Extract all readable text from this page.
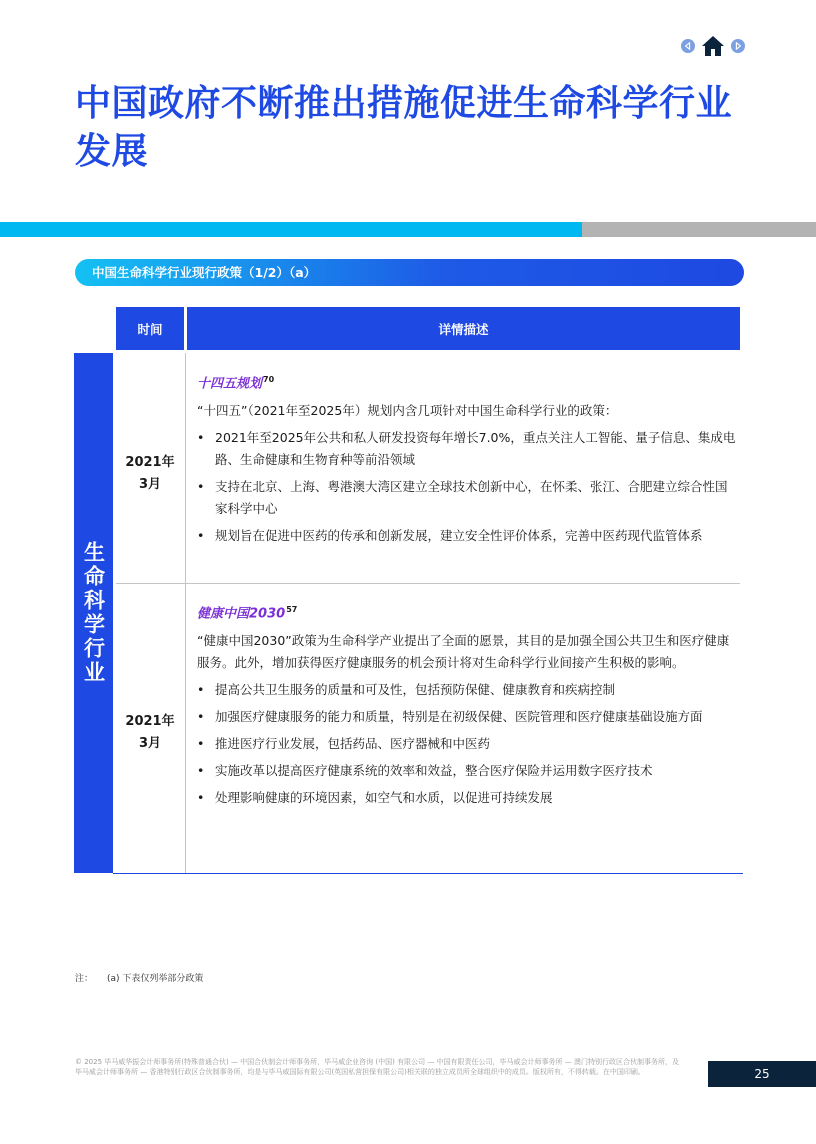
中国政府不断推出措施促进生命科学行业发展
中国生命科学行业现行政策（1/2）（a）
时间	详情描述
生命科学行业
2021年
3月
2021年
3月

十四五规划$^{70}$

“十四五”（2021年至2025年）规划内含几项针对中国生命科学行业的政策：

• 2021年至2025年公共和私人研发投资每年增长7.0%，重点关注人工智能、量子信息、集成电路、生命健康和生物育种等前沿领域
• 支持在北京、上海、粤港澳大湾区建立全球技术创新中心，在怀柔、张江、合肥建立综合性国家科学中心
• 规划旨在促进中医药的传承和创新发展，建立安全性评价体系，完善中医药现代监管体系

健康中国2030$^{57}$

“健康中国2030”政策为生命科学产业提出了全面的愿景，其目的是加强全国公共卫生和医疗健康服务。此外，增加获得医疗健康服务的机会预计将对生命科学行业间接产生积极的影响。

• 提高公共卫生服务的质量和可及性，包括预防保健、健康教育和疾病控制
• 加强医疗健康服务的能力和质量，特别是在初级保健、医院管理和医疗健康基础设施方面
• 推进医疗行业发展，包括药品、医疗器械和中医药
• 实施改革以提高医疗健康系统的效率和效益，整合医疗保险并运用数字医疗技术
• 处理影响健康的环境因素，如空气和水质，以促进可持续发展
注： (a) 下表仅列举部分政策
© 2025 毕马威华振会计师事务所(特殊普通合伙) — 中国合伙制会计师事务所，毕马威企业咨询 (中国) 有限公司 — 中国有限责任公司，毕马威会计师事务所 — 澳门特别行政区合伙制事务所，及毕马威会计师事务所 — 香港特别行政区合伙制事务所，均是与毕马威国际有限公司(英国私营担保有限公司)相关联的独立成员所全球组织中的成员。版权所有，不得转载。在中国印刷。	25
